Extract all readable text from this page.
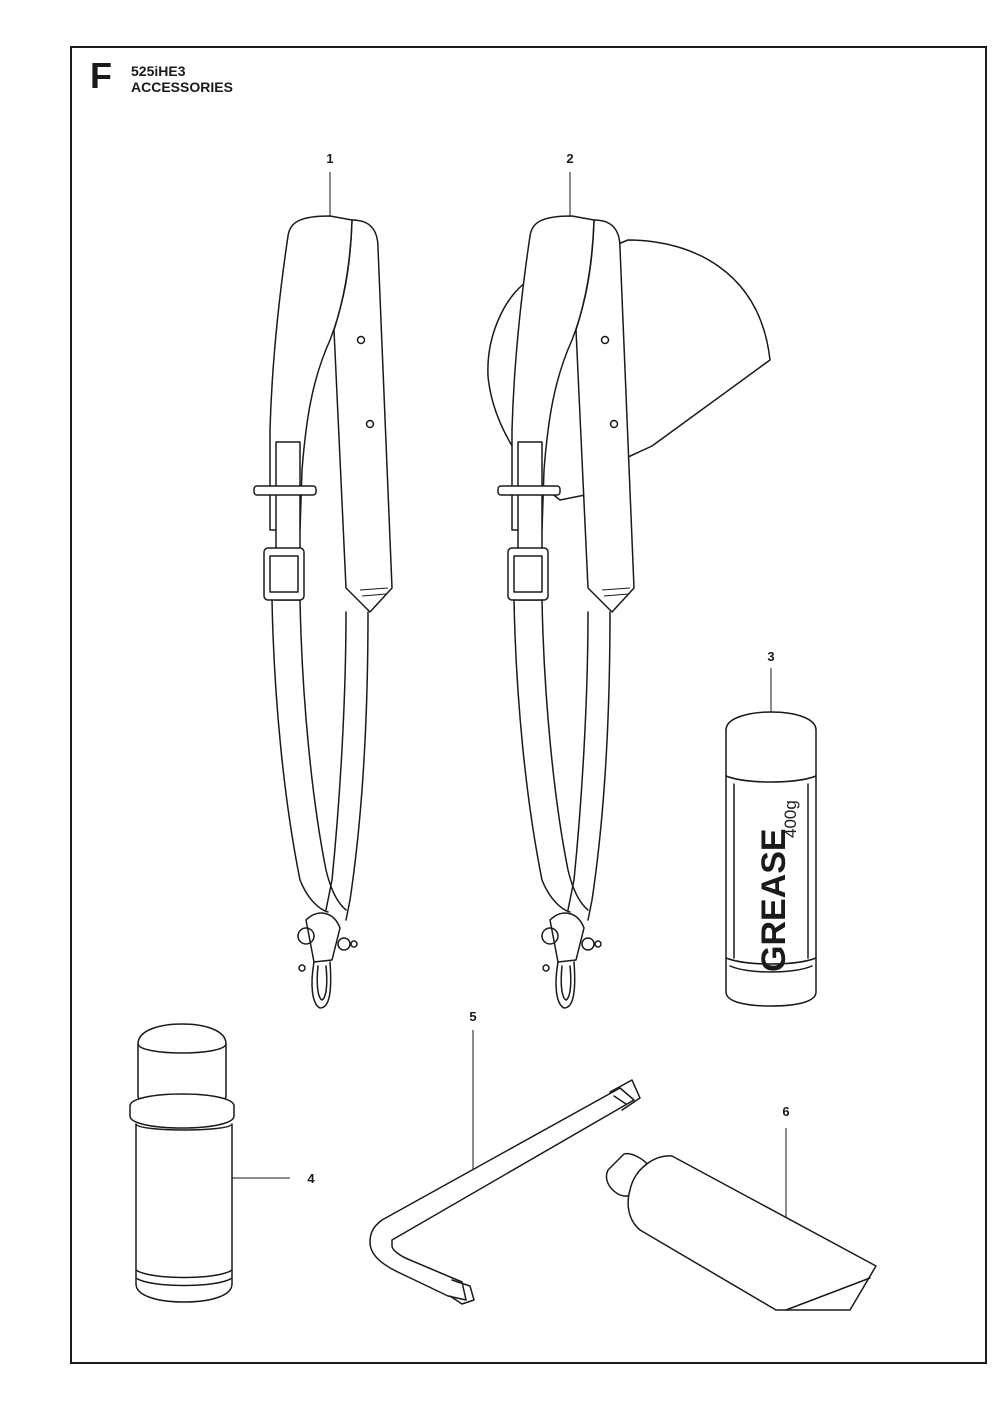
F 525iHE3
ACCESSORIES
GREASE
400g
1	2
3
4
5
6
